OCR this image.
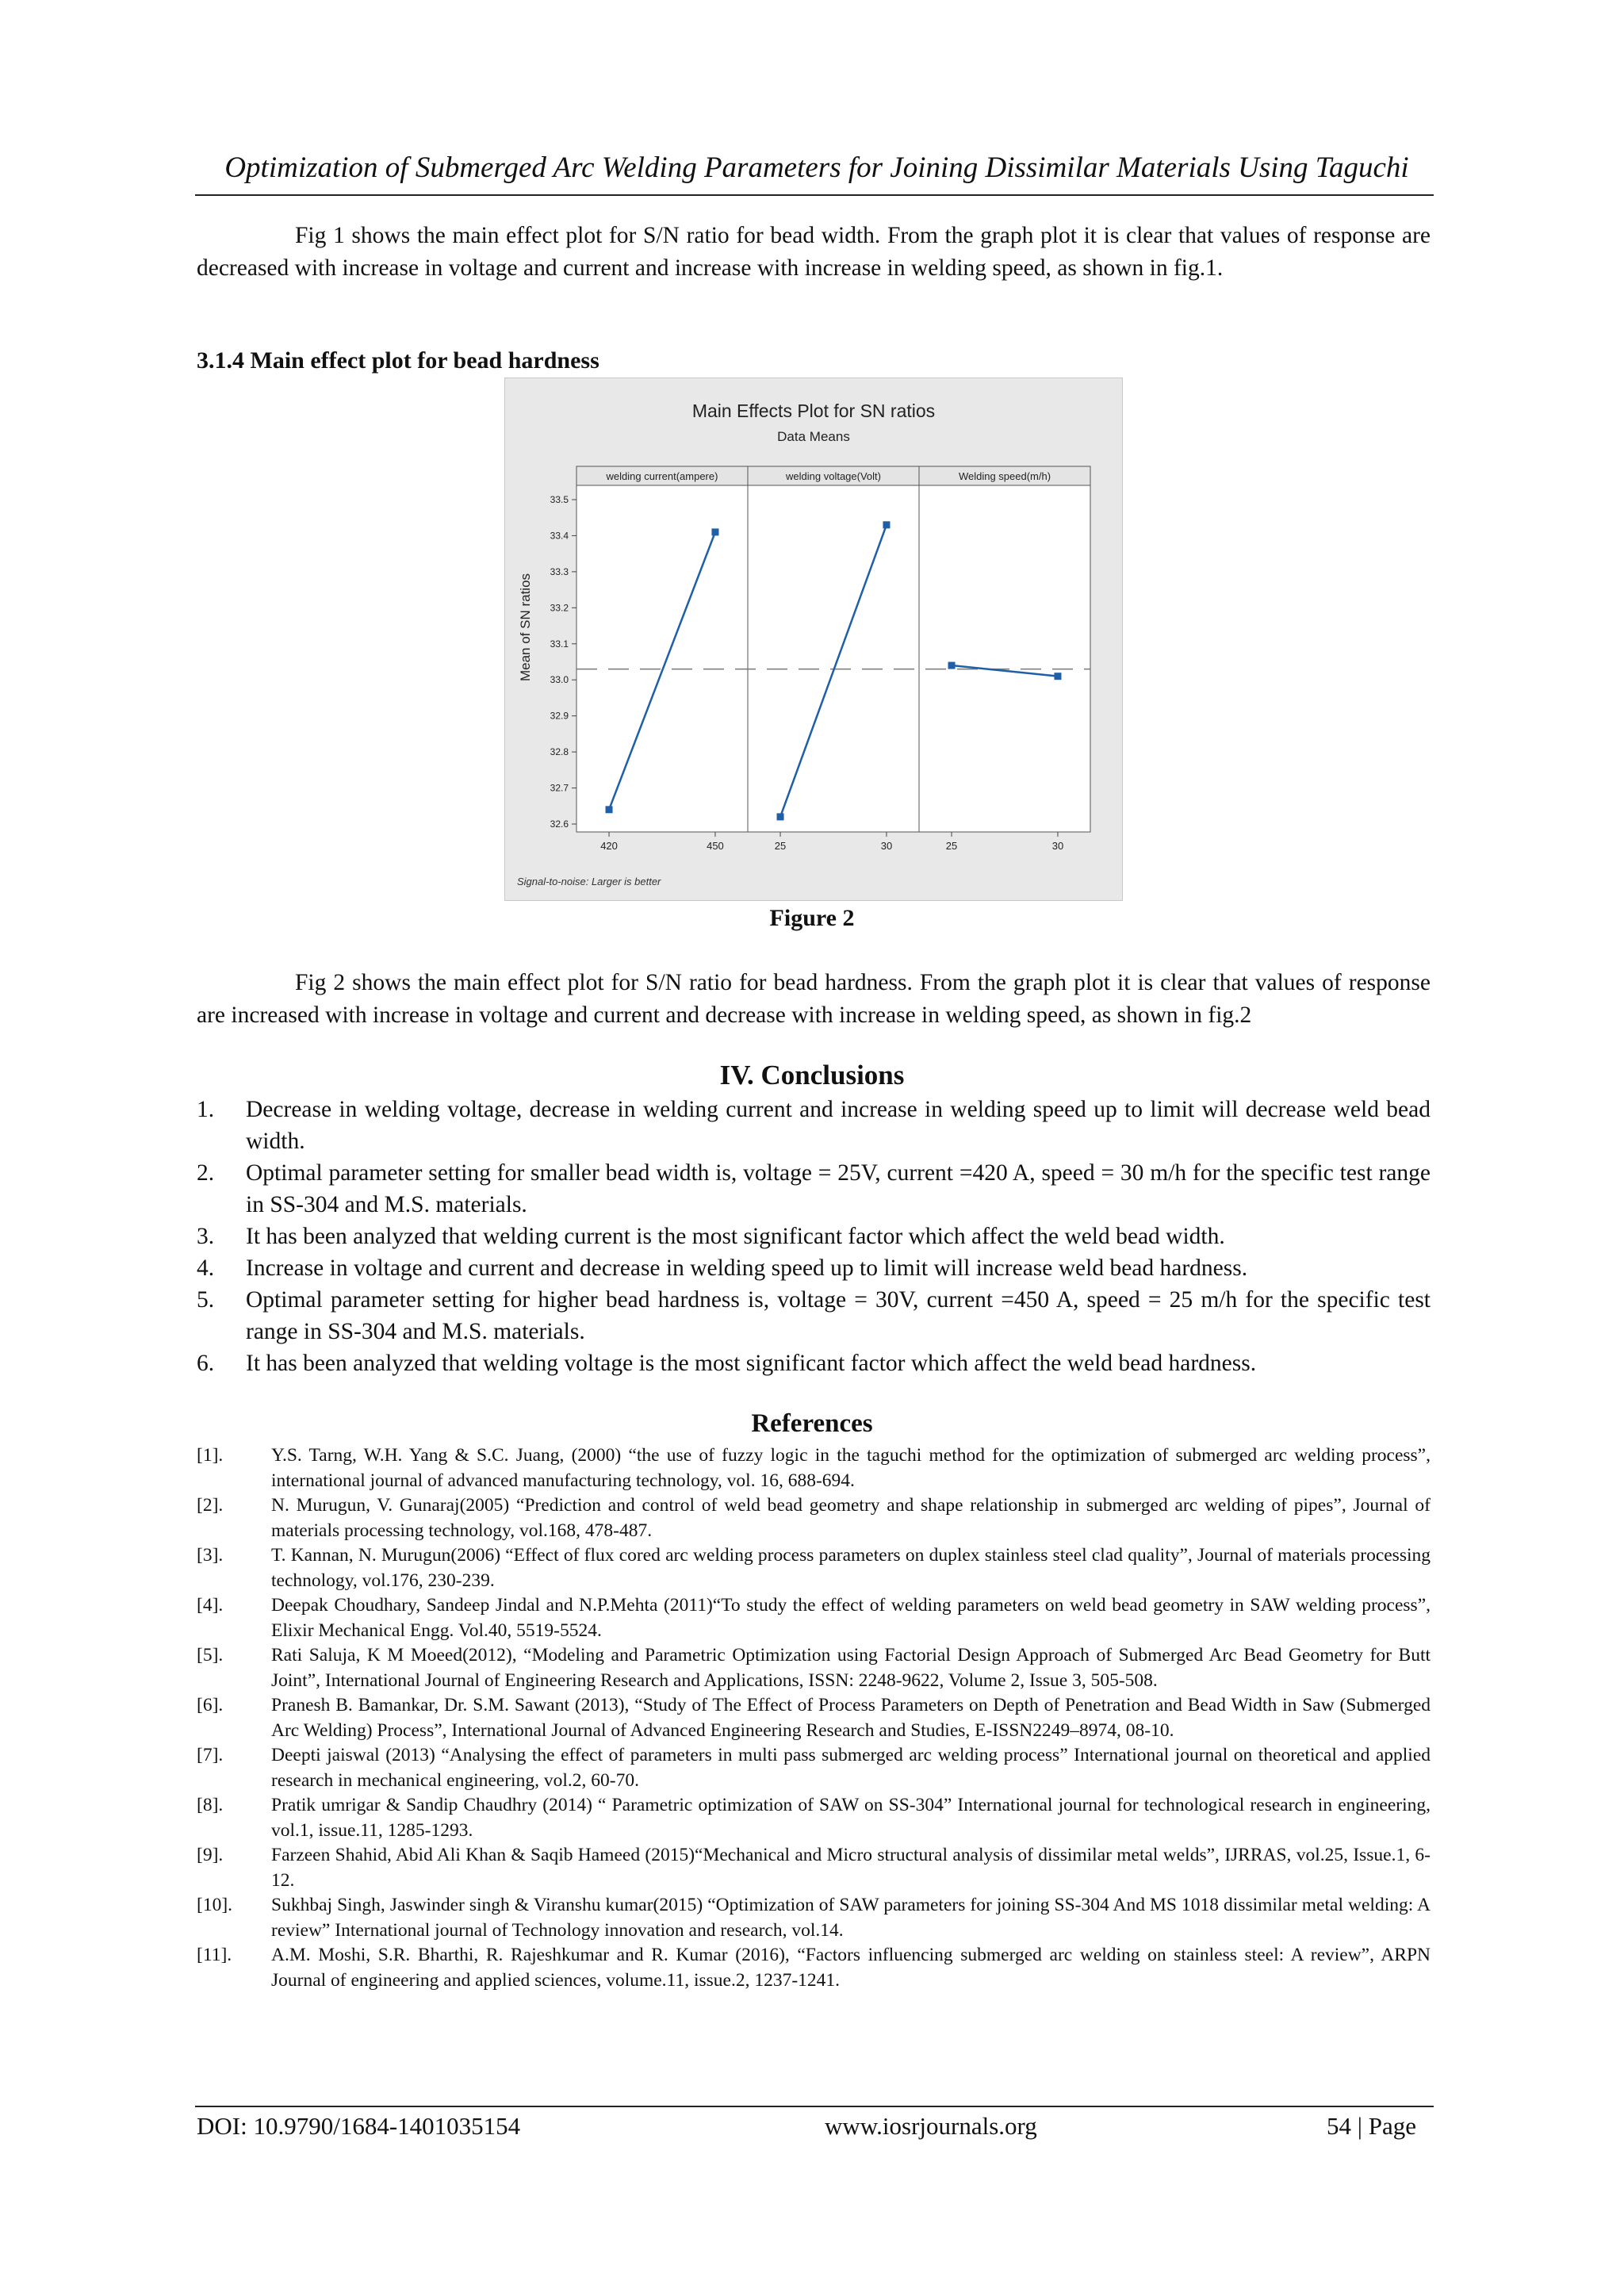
Optimization of Submerged Arc Welding Parameters for Joining Dissimilar Materials Using Taguchi
Fig 1 shows the main effect plot for S/N ratio for bead width. From the graph plot it is clear that values of response are decreased with increase in voltage and current and increase with increase in welding speed, as shown in fig.1.
3.1.4 Main effect plot for bead hardness
Main Effects Plot for SN ratios
Data Means
Mean of SN ratios
Signal-to-noise: Larger is better
welding current(ampere)	welding voltage(Volt)	Welding speed(m/h)
32.6
32.7
32.8
32.9
33.0
33.1
33.2
33.3
33.4
33.5
420	450	25	30	25	30
Figure 2
Fig 2 shows the main effect plot for S/N ratio for bead hardness. From the graph plot it is clear that values of response are increased with increase in voltage and current and decrease with increase in welding speed, as shown in fig.2
IV. Conclusions
1. Decrease in welding voltage, decrease in welding current and increase in welding speed up to limit will decrease weld bead width.
2. Optimal parameter setting for smaller bead width is, voltage = 25V, current =420 A, speed = 30 m/h for the specific test range in SS-304 and M.S. materials.
3. It has been analyzed that welding current is the most significant factor which affect the weld bead width.
4. Increase in voltage and current and decrease in welding speed up to limit will increase weld bead hardness.
5. Optimal parameter setting for higher bead hardness is, voltage = 30V, current =450 A, speed = 25 m/h for the specific test range in SS-304 and M.S. materials.
6. It has been analyzed that welding voltage is the most significant factor which affect the weld bead hardness.
References
[1].	Y.S. Tarng, W.H. Yang & S.C. Juang, (2000) “the use of fuzzy logic in the taguchi method for the optimization of submerged arc welding process”, international journal of advanced manufacturing technology, vol. 16, 688-694.
[2].	N. Murugun, V. Gunaraj(2005) “Prediction and control of weld bead geometry and shape relationship in submerged arc welding of pipes”, Journal of materials processing technology, vol.168, 478-487.
[3].	T. Kannan, N. Murugun(2006) “Effect of flux cored arc welding process parameters on duplex stainless steel clad quality”, Journal of materials processing technology, vol.176, 230-239.
[4].	Deepak Choudhary, Sandeep Jindal and N.P.Mehta (2011)“To study the effect of welding parameters on weld bead geometry in SAW welding process”, Elixir Mechanical Engg. Vol.40, 5519-5524.
[5].	Rati Saluja, K M Moeed(2012), “Modeling and Parametric Optimization using Factorial Design Approach of Submerged Arc Bead Geometry for Butt Joint”, International Journal of Engineering Research and Applications, ISSN: 2248-9622, Volume 2, Issue 3, 505-508.
[6].	Pranesh B. Bamankar, Dr. S.M. Sawant (2013), “Study of The Effect of Process Parameters on Depth of Penetration and Bead Width in Saw (Submerged Arc Welding) Process”, International Journal of Advanced Engineering Research and Studies, E-ISSN2249–8974, 08-10.
[7].	Deepti jaiswal (2013) “Analysing the effect of parameters in multi pass submerged arc welding process” International journal on theoretical and applied research in mechanical engineering, vol.2, 60-70.
[8].	Pratik umrigar & Sandip Chaudhry (2014) “ Parametric optimization of SAW on SS-304” International journal for technological research in engineering, vol.1, issue.11, 1285-1293.
[9].	Farzeen Shahid, Abid Ali Khan & Saqib Hameed (2015)“Mechanical and Micro structural analysis of dissimilar metal welds”, IJRRAS, vol.25, Issue.1, 6-12.
[10]. Sukhbaj Singh, Jaswinder singh & Viranshu kumar(2015) “Optimization of SAW parameters for joining SS-304 And MS 1018 dissimilar metal welding: A review” International journal of Technology innovation and research, vol.14.
[11]. A.M. Moshi, S.R. Bharthi, R. Rajeshkumar and R. Kumar (2016), “Factors influencing submerged arc welding on stainless steel: A review”, ARPN Journal of engineering and applied sciences, volume.11, issue.2, 1237-1241.
DOI: 10.9790/1684-1401035154	www.iosrjournals.org	54 | Page
